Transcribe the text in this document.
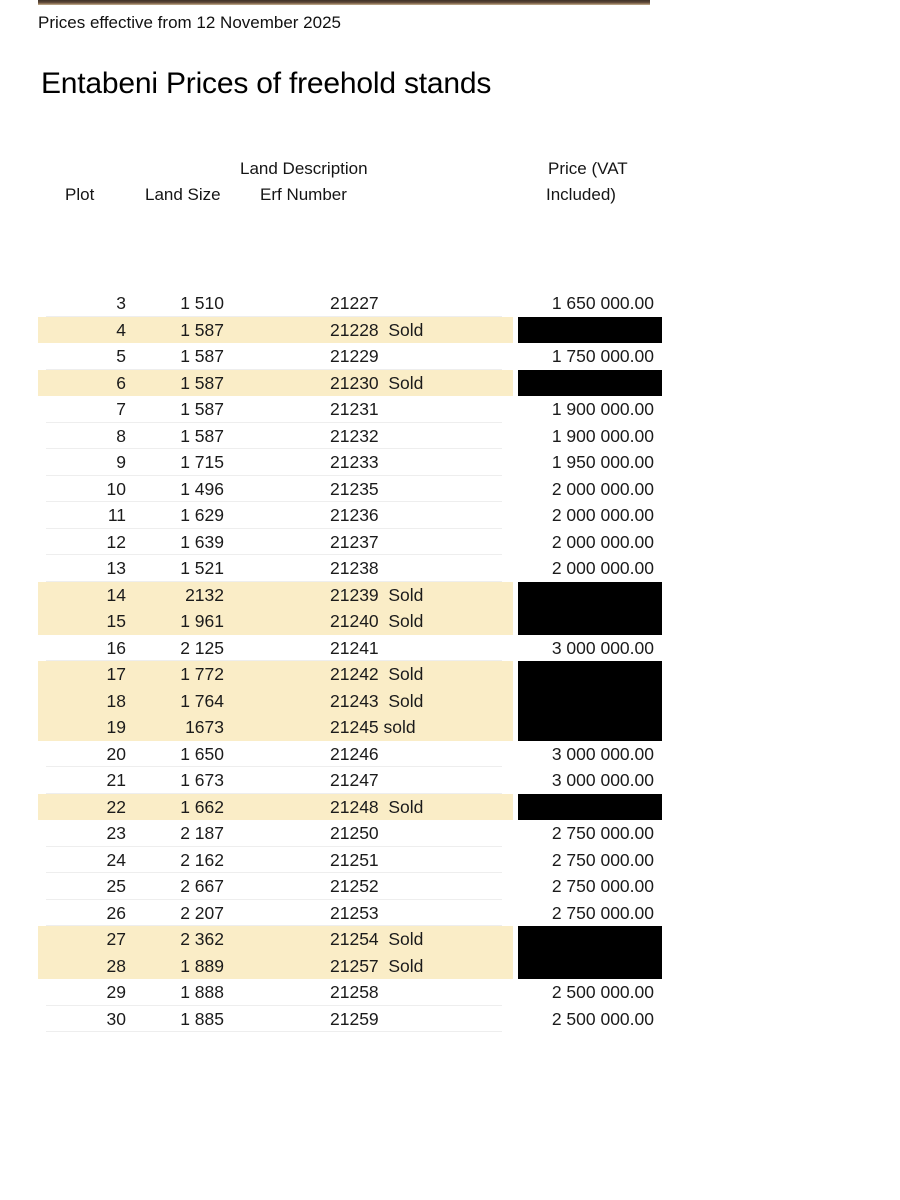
Prices effective from 12 November 2025
Entabeni Prices of freehold stands
Land Description
Plot	Land Size Erf Number
Price (VAT
Included)
3	1 510	21227	1 650 000.00
4	1 587	21228  Sold
5	1 587	21229	1 750 000.00
6	1 587	21230  Sold
7	1 587	21231	1 900 000.00
8	1 587	21232	1 900 000.00
9	1 715	21233	1 950 000.00
10	1 496	21235	2 000 000.00
11	1 629	21236	2 000 000.00
12	1 639	21237	2 000 000.00
13	1 521	21238	2 000 000.00
14	2132	21239  Sold
15	1 961	21240  Sold
16	2 125	21241	3 000 000.00
17	1 772	21242  Sold
18	1 764	21243  Sold
19	1673	21245 sold
20	1 650	21246	3 000 000.00
21	1 673	21247	3 000 000.00
22	1 662	21248  Sold
23	2 187	21250	2 750 000.00
24	2 162	21251	2 750 000.00
25	2 667	21252	2 750 000.00
26	2 207	21253	2 750 000.00
27	2 362	21254  Sold
28	1 889	21257  Sold
29	1 888	21258	2 500 000.00
30	1 885	21259	2 500 000.00
